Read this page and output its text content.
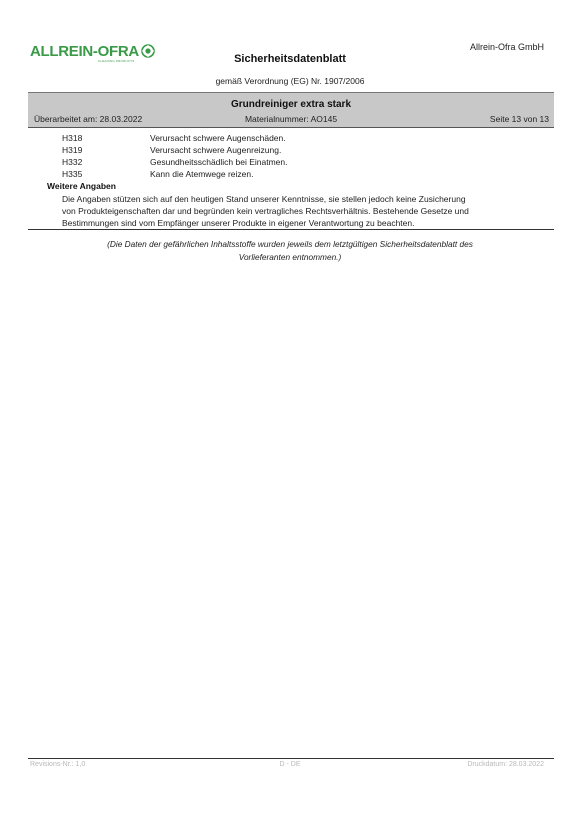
ALLREIN-OFRA
CLEANING PRODUCTS
Allrein-Ofra GmbH
Sicherheitsdatenblatt
gemäß Verordnung (EG) Nr. 1907/2006
Grundreiniger extra stark
Überarbeitet am: 28.03.2022	Materialnummer: AO145	Seite 13 von 13
H318	Verursacht schwere Augenschäden.
H319	Verursacht schwere Augenreizung.
H332	Gesundheitsschädlich bei Einatmen.
H335	Kann die Atemwege reizen.
Weitere Angaben
Die Angaben stützen sich auf den heutigen Stand unserer Kenntnisse, sie stellen jedoch keine Zusicherung
von Produkteigenschaften dar und begründen kein vertragliches Rechtsverhältnis. Bestehende Gesetze und
Bestimmungen sind vom Empfänger unserer Produkte in eigener Verantwortung zu beachten.
(Die Daten der gefährlichen Inhaltsstoffe wurden jeweils dem letztgültigen Sicherheitsdatenblatt des
Vorlieferanten entnommen.)
Revisions-Nr.: 1,0	D - DE	Druckdatum: 28.03.2022
